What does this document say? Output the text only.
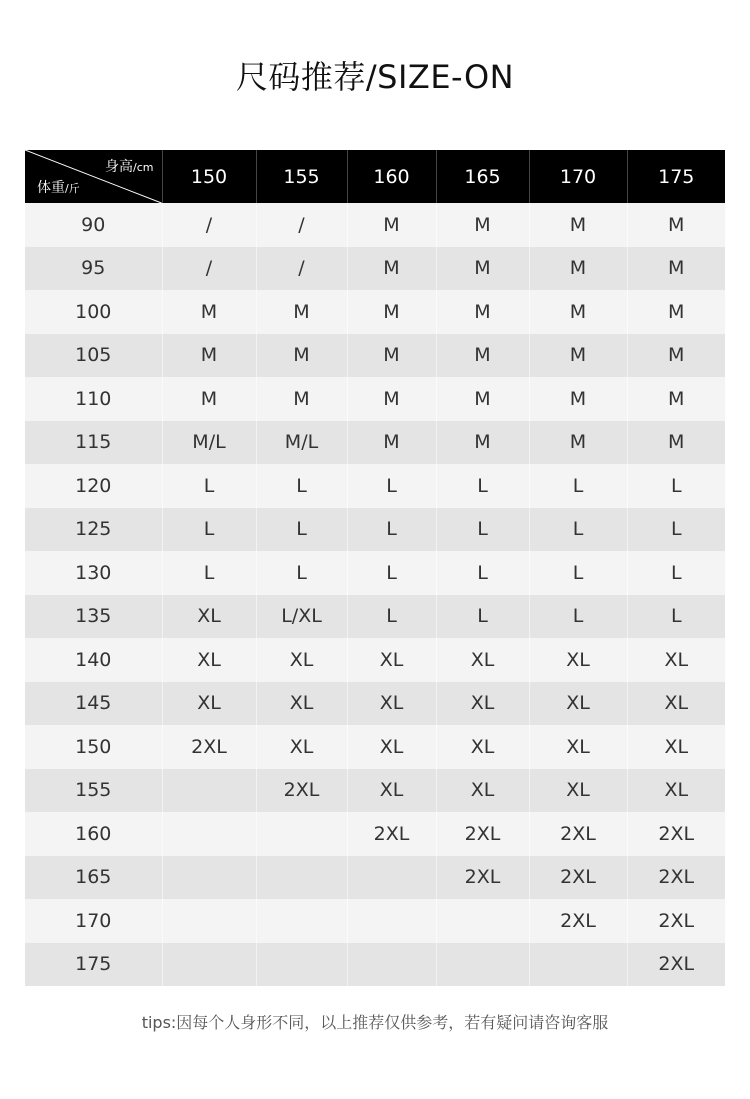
尺码推荐/SIZE-ON
身高/cm
体重/斤	150	155	160	165	170	175
90	/	/	M	M	M	M
95	/	/	M	M	M	M
100	M	M	M	M	M	M
105	M	M	M	M	M	M
110	M	M	M	M	M	M
115	M/L	M/L	M	M	M	M
120	L	L	L	L	L	L
125	L	L	L	L	L	L
130	L	L	L	L	L	L
135	XL	L/XL	L	L	L	L
140	XL	XL	XL	XL	XL	XL
145	XL	XL	XL	XL	XL	XL
150	2XL	XL	XL	XL	XL	XL
155		2XL	XL	XL	XL	XL
160			2XL	2XL	2XL	2XL
165				2XL	2XL	2XL
170					2XL	2XL
175						2XL
tips:因每个人身形不同，以上推荐仅供参考，若有疑问请咨询客服
